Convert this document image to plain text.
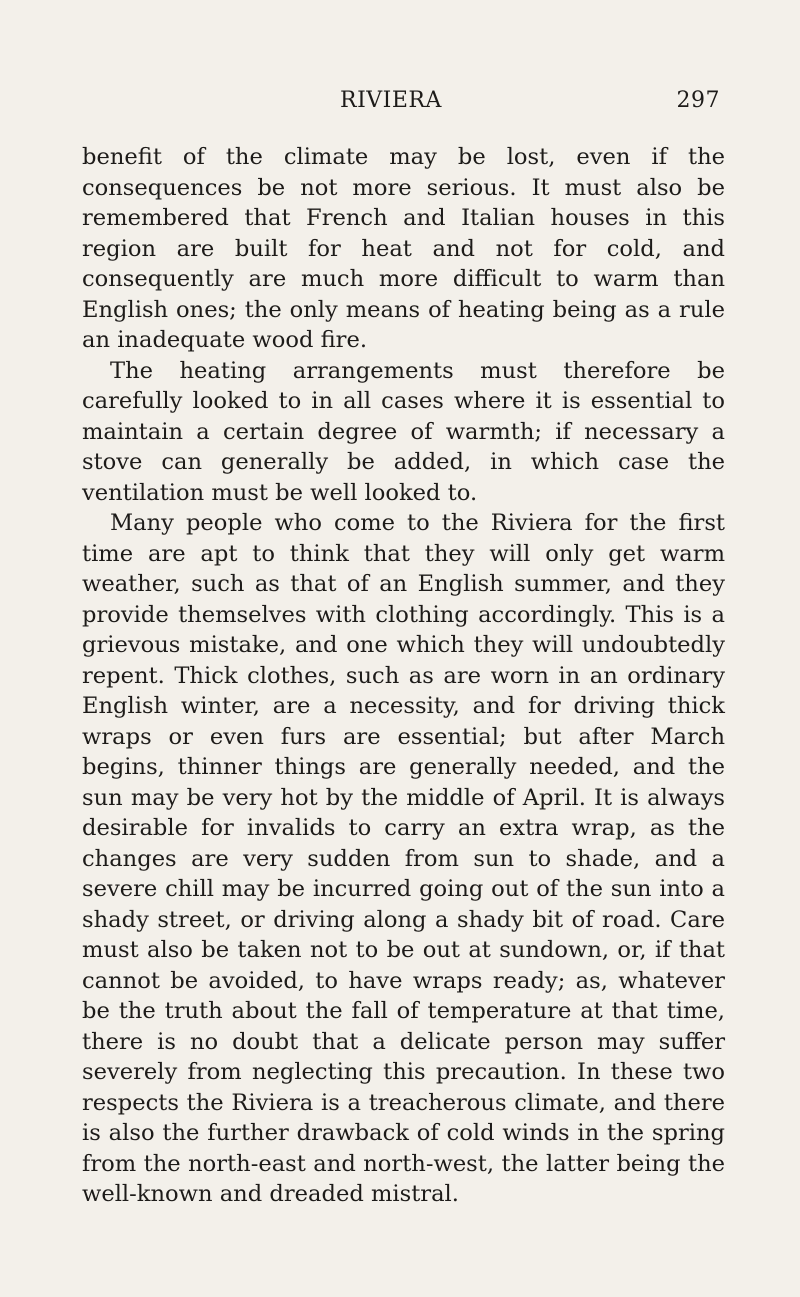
RIVIERA	297

benefit of the climate may be lost, even if the consequences be not more serious. It must also be remembered that French and Italian houses in this region are built for heat and not for cold, and consequently are much more difficult to warm than English ones; the only means of heating being as a rule an inadequate wood fire.

The heating arrangements must therefore be carefully looked to in all cases where it is essential to maintain a certain degree of warmth; if necessary a stove can generally be added, in which case the ventilation must be well looked to.

Many people who come to the Riviera for the first time are apt to think that they will only get warm weather, such as that of an English summer, and they provide themselves with clothing accordingly. This is a grievous mistake, and one which they will undoubtedly repent. Thick clothes, such as are worn in an ordinary English winter, are a necessity, and for driving thick wraps or even furs are essential; but after March begins, thinner things are generally needed, and the sun may be very hot by the middle of April. It is always desirable for invalids to carry an extra wrap, as the changes are very sudden from sun to shade, and a severe chill may be incurred going out of the sun into a shady street, or driving along a shady bit of road. Care must also be taken not to be out at sundown, or, if that cannot be avoided, to have wraps ready; as, whatever be the truth about the fall of temperature at that time, there is no doubt that a delicate person may suffer severely from neglecting this precaution. In these two respects the Riviera is a treacherous climate, and there is also the further drawback of cold winds in the spring from the north-east and north-west, the latter being the well-known and dreaded mistral.
